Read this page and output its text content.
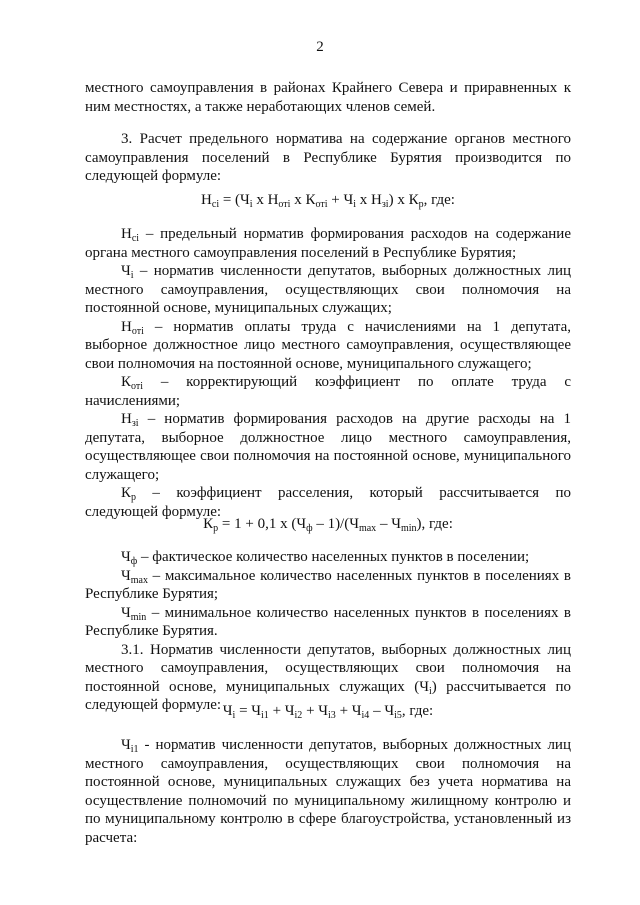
2

местного самоуправления в районах Крайнего Севера и приравненных к ним местностях, а также неработающих членов семей.

3. Расчет предельного норматива на содержание органов местного самоуправления поселений в Республике Бурятия производится по следующей формуле:

$Н_{ci} = (Ч_i$ х $Н_{отi}$ х $К_{отi} + Ч_i$ х $Н_{зi}$) х $К_р$, где:

$Н_{ci}$ – предельный норматив формирования расходов на содержание органа местного самоуправления поселений в Республике Бурятия;

$Ч_i$ – норматив численности депутатов, выборных должностных лиц местного самоуправления, осуществляющих свои полномочия на постоянной основе, муниципальных служащих;

$Н_{отi}$ – норматив оплаты труда с начислениями на 1 депутата, выборное должностное лицо местного самоуправления, осуществляющее свои полномочия на постоянной основе, муниципального служащего;

$К_{отi}$ – корректирующий коэффициент по оплате труда с начислениями;

$Н_{зi}$ – норматив формирования расходов на другие расходы на 1 депутата, выборное должностное лицо местного самоуправления, осуществляющее свои полномочия на постоянной основе, муниципального служащего;

$К_р$ – коэффициент расселения, который рассчитывается по следующей формуле:

$К_р = 1 + 0,1$ х $(Ч_ф - 1)/(Ч_{max} - Ч_{min})$, где:

$Ч_ф$ – фактическое количество населенных пунктов в поселении;

$Ч_{max}$ – максимальное количество населенных пунктов в поселениях в Республике Бурятия;

$Ч_{min}$ – минимальное количество населенных пунктов в поселениях в Республике Бурятия.

3.1. Норматив численности депутатов, выборных должностных лиц местного самоуправления, осуществляющих свои полномочия на постоянной основе, муниципальных служащих $(Ч_i)$ рассчитывается по следующей формуле: $Ч_i = Ч_{i1} + Ч_{i2} + Ч_{i3} + Ч_{i4} - Ч_{i5}$, где:

$Ч_{i1}$ - норматив численности депутатов, выборных должностных лиц местного самоуправления, осуществляющих свои полномочия на постоянной основе, муниципальных служащих без учета норматива на осуществление полномочий по муниципальному жилищному контролю и по муниципальному контролю в сфере благоустройства, установленный из расчета:
